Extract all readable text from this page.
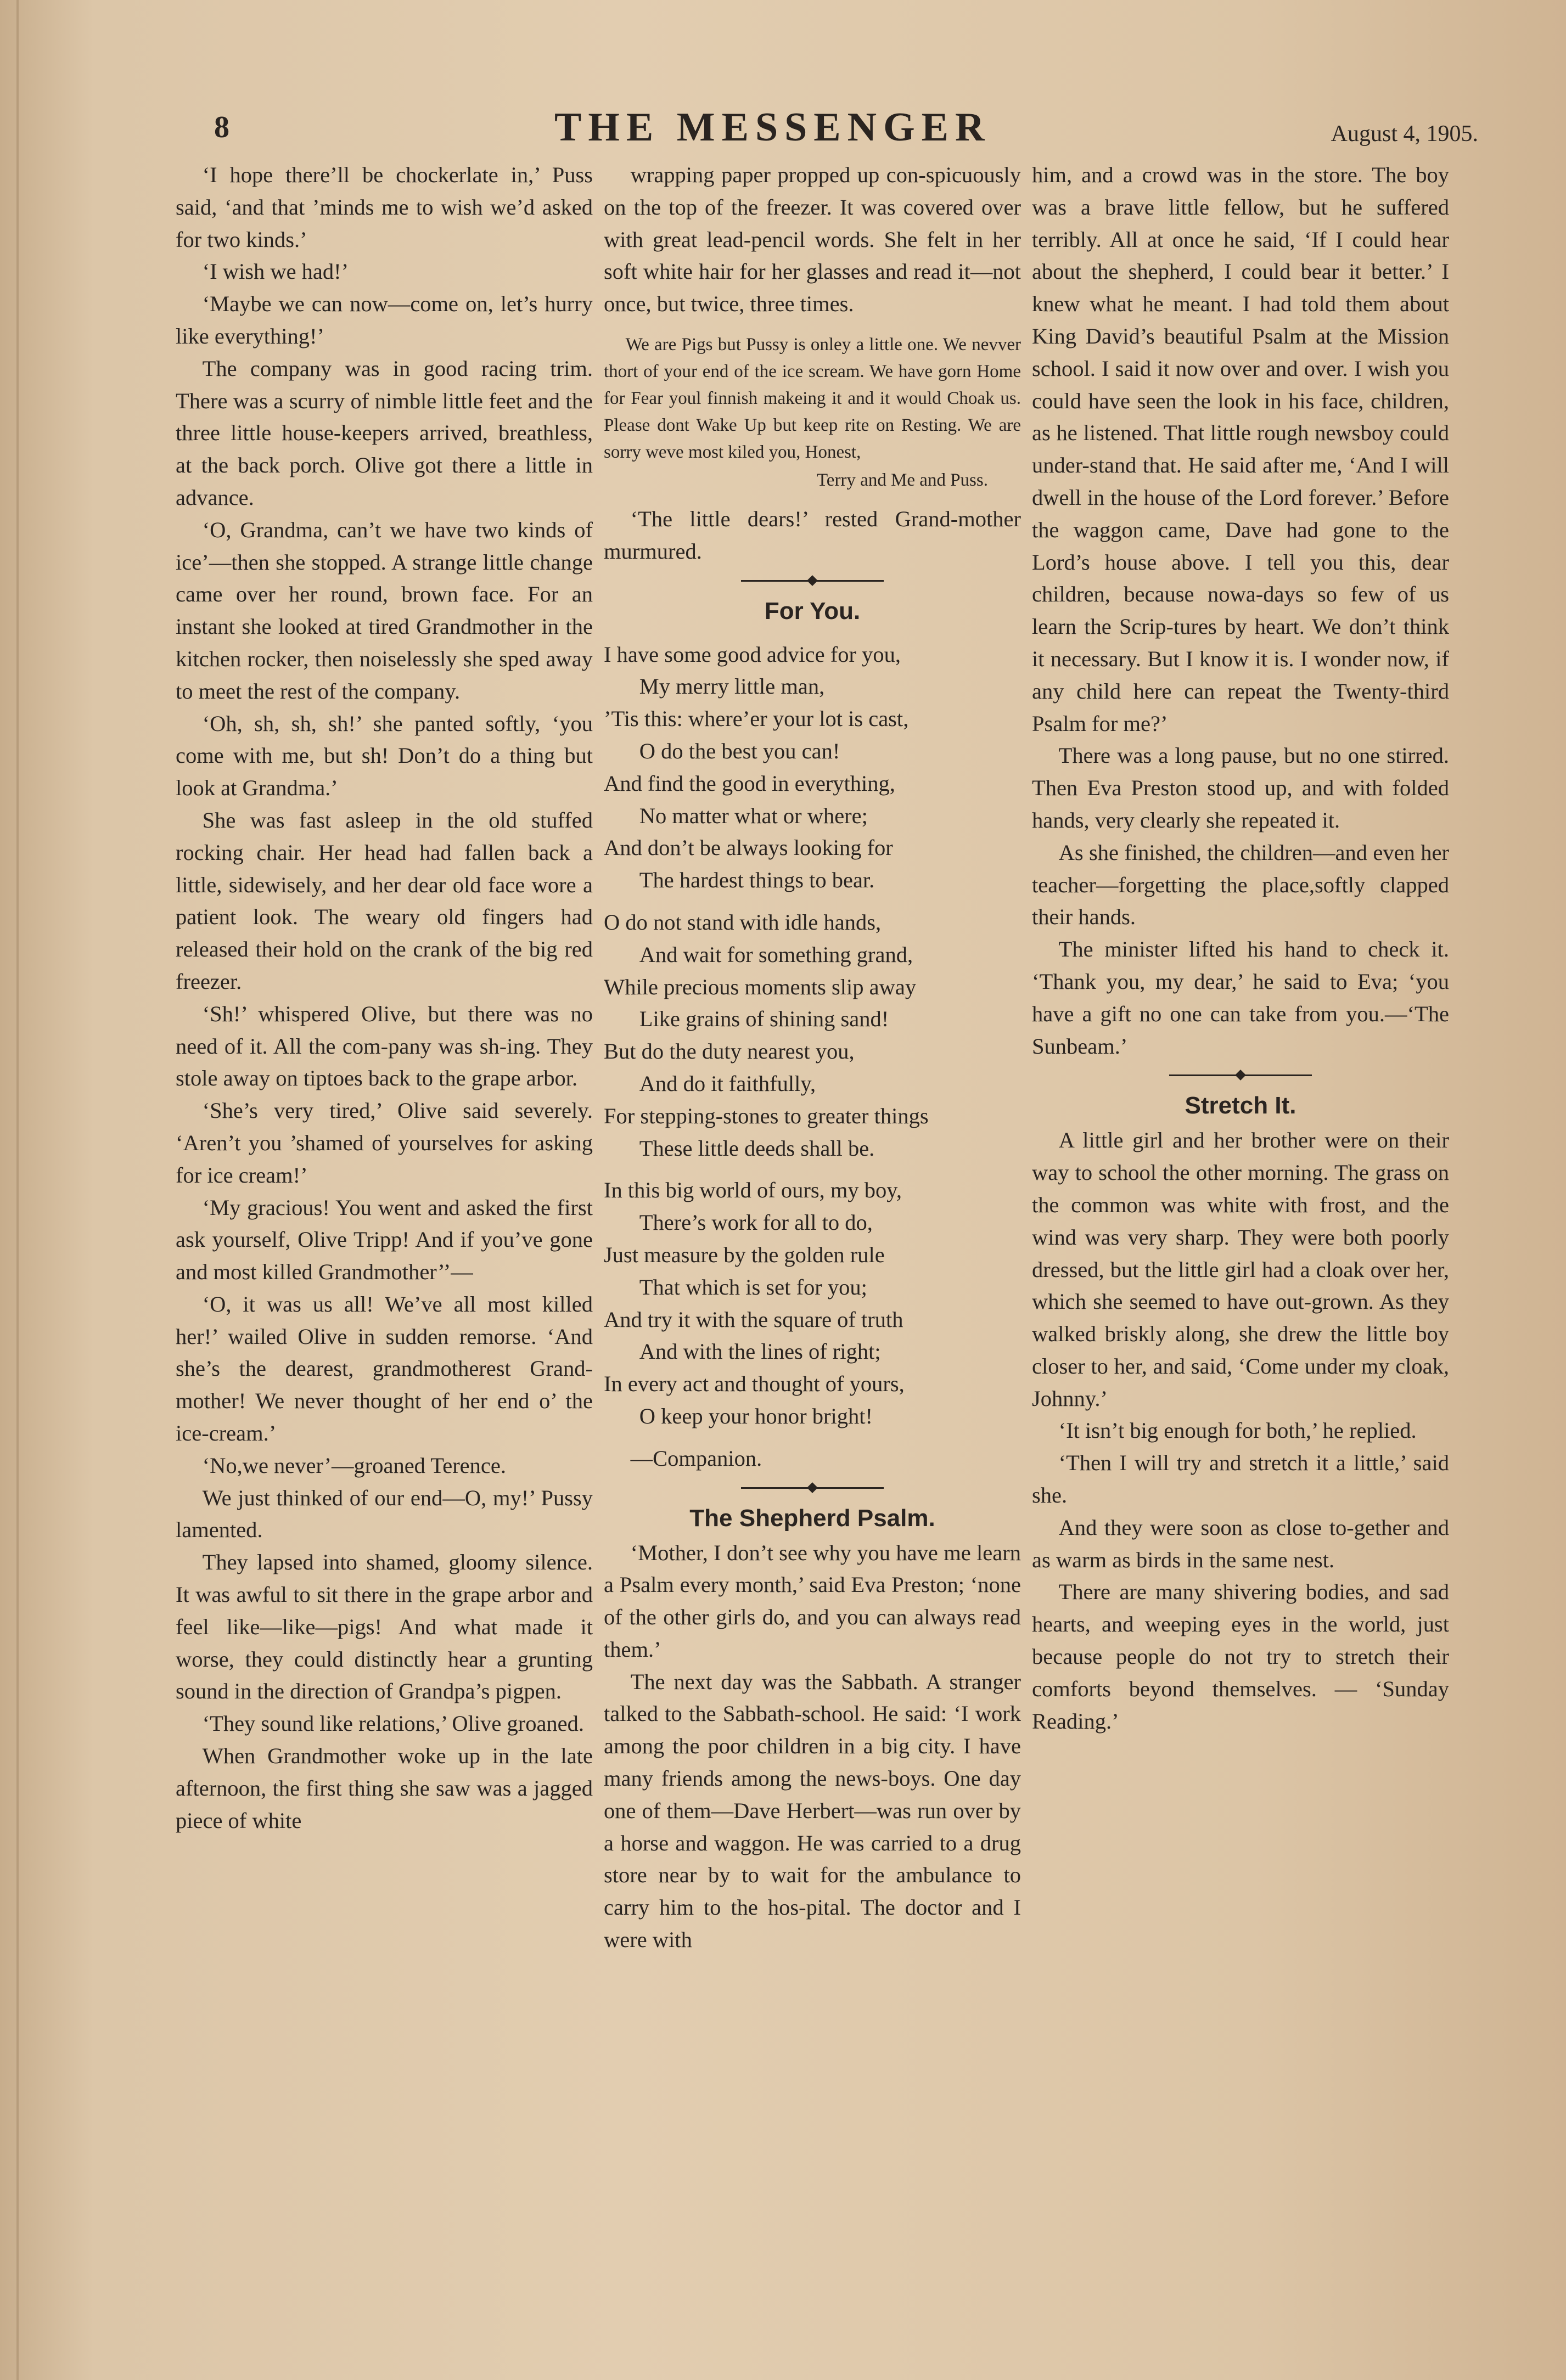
8	THE MESSENGER	August 4, 1905.

‘I hope there’ll be chockerlate in,’ Puss said, ‘and that ’minds me to wish we’d asked for two kinds.’

‘I wish we had!’

‘Maybe we can now—come on, let’s hurry like everything!’

The company was in good racing trim. There was a scurry of nimble little feet and the three little house-keepers arrived, breathless, at the back porch. Olive got there a little in advance.

‘O, Grandma, can’t we have two kinds of ice’—then she stopped. A strange little change came over her round, brown face. For an instant she looked at tired Grandmother in the kitchen rocker, then noiselessly she sped away to meet the rest of the company.

‘Oh, sh, sh, sh!’ she panted softly, ‘you come with me, but sh! Don’t do a thing but look at Grandma.’

She was fast asleep in the old stuffed rocking chair. Her head had fallen back a little, sidewisely, and her dear old face wore a patient look. The weary old fingers had released their hold on the crank of the big red freezer.

‘Sh!’ whispered Olive, but there was no need of it. All the com-pany was sh-ing. They stole away on tiptoes back to the grape arbor.

‘She’s very tired,’ Olive said severely. ‘Aren’t you ’shamed of yourselves for asking for ice cream!’

‘My gracious! You went and asked the first ask yourself, Olive Tripp! And if you’ve gone and most killed Grandmother’’—

‘O, it was us all! We’ve all most killed her!’ wailed Olive in sudden remorse. ‘And she’s the dearest, grandmotherest Grand-mother! We never thought of her end o’ the ice-cream.’

‘No,we never’—groaned Terence.

We just thinked of our end—O, my!’ Pussy lamented.

They lapsed into shamed, gloomy silence. It was awful to sit there in the grape arbor and feel like—like—pigs! And what made it worse, they could distinctly hear a grunting sound in the direction of Grandpa’s pigpen.

‘They sound like relations,’ Olive groaned.

When Grandmother woke up in the late afternoon, the first thing she saw was a jagged piece of white

wrapping paper propped up con-spicuously on the top of the freezer. It was covered over with great lead-pencil words. She felt in her soft white hair for her glasses and read it—not once, but twice, three times.

We are Pigs but Pussy is onley a little one. We nevver thort of your end of the ice scream. We have gorn Home for Fear youl finnish makeing it and it would Choak us. Please dont Wake Up but keep rite on Resting. We are sorry weve most kiled you, Honest,

Terry and Me and Puss.

‘The little dears!’ rested Grand-mother murmured.

For You.
I have some good advice for you,
My merry little man,
’Tis this: where’er your lot is cast,
O do the best you can!
And find the good in everything,
No matter what or where;
And don’t be always looking for
The hardest things to bear.
O do not stand with idle hands,
And wait for something grand,
While precious moments slip away
Like grains of shining sand!
But do the duty nearest you,
And do it faithfully,
For stepping-stones to greater things
These little deeds shall be.
In this big world of ours, my boy,
There’s work for all to do,
Just measure by the golden rule
That which is set for you;
And try it with the square of truth
And with the lines of right;
In every act and thought of yours,
O keep your honor bright!

—Companion.

The Shepherd Psalm.

‘Mother, I don’t see why you have me learn a Psalm every month,’ said Eva Preston; ‘none of the other girls do, and you can always read them.’

The next day was the Sabbath. A stranger talked to the Sabbath-school. He said: ‘I work among the poor children in a big city. I have many friends among the news-boys. One day one of them—Dave Herbert—was run over by a horse and waggon. He was carried to a drug store near by to wait for the ambulance to carry him to the hos-pital. The doctor and I were with

him, and a crowd was in the store. The boy was a brave little fellow, but he suffered terribly. All at once he said, ‘If I could hear about the shepherd, I could bear it better.’ I knew what he meant. I had told them about King David’s beautiful Psalm at the Mission school. I said it now over and over. I wish you could have seen the look in his face, children, as he listened. That little rough newsboy could under-stand that. He said after me, ‘And I will dwell in the house of the Lord forever.’ Before the waggon came, Dave had gone to the Lord’s house above. I tell you this, dear children, because nowa-days so few of us learn the Scrip-tures by heart. We don’t think it necessary. But I know it is. I wonder now, if any child here can repeat the Twenty-third Psalm for me?’

There was a long pause, but no one stirred. Then Eva Preston stood up, and with folded hands, very clearly she repeated it.

As she finished, the children—and even her teacher—forgetting the place,softly clapped their hands.

The minister lifted his hand to check it. ‘Thank you, my dear,’ he said to Eva; ‘you have a gift no one can take from you.—‘The Sunbeam.’

Stretch It.

A little girl and her brother were on their way to school the other morning. The grass on the common was white with frost, and the wind was very sharp. They were both poorly dressed, but the little girl had a cloak over her, which she seemed to have out-grown. As they walked briskly along, she drew the little boy closer to her, and said, ‘Come under my cloak, Johnny.’

‘It isn’t big enough for both,’ he replied.

‘Then I will try and stretch it a little,’ said she.

And they were soon as close to-gether and as warm as birds in the same nest.

There are many shivering bodies, and sad hearts, and weeping eyes in the world, just because people do not try to stretch their comforts beyond themselves. — ‘Sunday Reading.’
